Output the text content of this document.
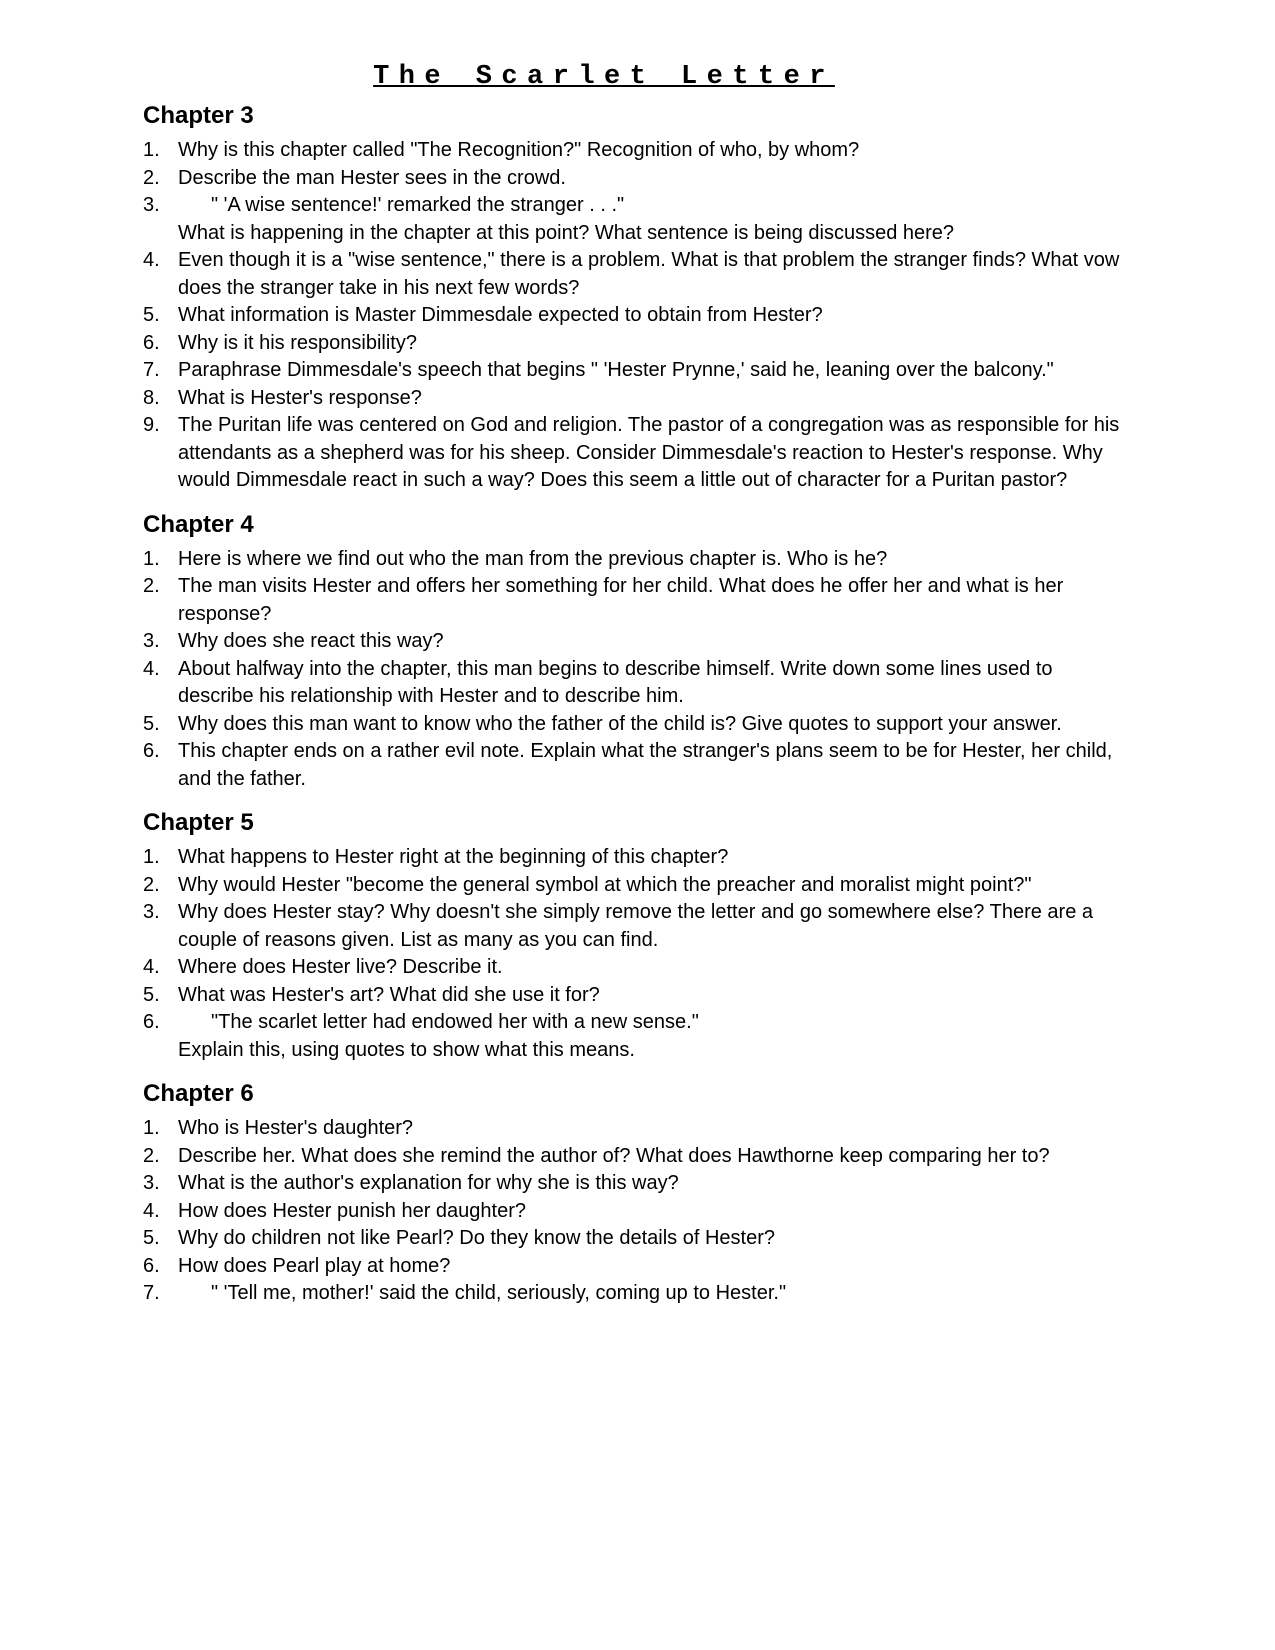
The Scarlet Letter
Chapter 3
1. Why is this chapter called "The Recognition?" Recognition of who, by whom?
2. Describe the man Hester sees in the crowd.
3.	" 'A wise sentence!' remarked the stranger . . ."
What is happening in the chapter at this point? What sentence is being discussed here?
4. Even though it is a "wise sentence," there is a problem. What is that problem the stranger finds? What vow does the stranger take in his next few words?
5. What information is Master Dimmesdale expected to obtain from Hester?
6. Why is it his responsibility?
7. Paraphrase Dimmesdale's speech that begins " 'Hester Prynne,' said he, leaning over the balcony."
8. What is Hester's response?
9. The Puritan life was centered on God and religion. The pastor of a congregation was as responsible for his attendants as a shepherd was for his sheep. Consider Dimmesdale's reaction to Hester's response. Why would Dimmesdale react in such a way? Does this seem a little out of character for a Puritan pastor?
Chapter 4
1. Here is where we find out who the man from the previous chapter is. Who is he?
2. The man visits Hester and offers her something for her child. What does he offer her and what is her response?
3. Why does she react this way?
4. About halfway into the chapter, this man begins to describe himself. Write down some lines used to describe his relationship with Hester and to describe him.
5. Why does this man want to know who the father of the child is? Give quotes to support your answer.
6. This chapter ends on a rather evil note. Explain what the stranger's plans seem to be for Hester, her child, and the father.
Chapter 5
1. What happens to Hester right at the beginning of this chapter?
2. Why would Hester "become the general symbol at which the preacher and moralist might point?"
3. Why does Hester stay? Why doesn't she simply remove the letter and go somewhere else? There are a couple of reasons given. List as many as you can find.
4. Where does Hester live? Describe it.
5. What was Hester's art? What did she use it for?
6.	"The scarlet letter had endowed her with a new sense."
Explain this, using quotes to show what this means.
Chapter 6
1. Who is Hester's daughter?
2. Describe her. What does she remind the author of? What does Hawthorne keep comparing her to?
3. What is the author's explanation for why she is this way?
4. How does Hester punish her daughter?
5. Why do children not like Pearl? Do they know the details of Hester?
6. How does Pearl play at home?
7.	" 'Tell me, mother!' said the child, seriously, coming up to Hester."
